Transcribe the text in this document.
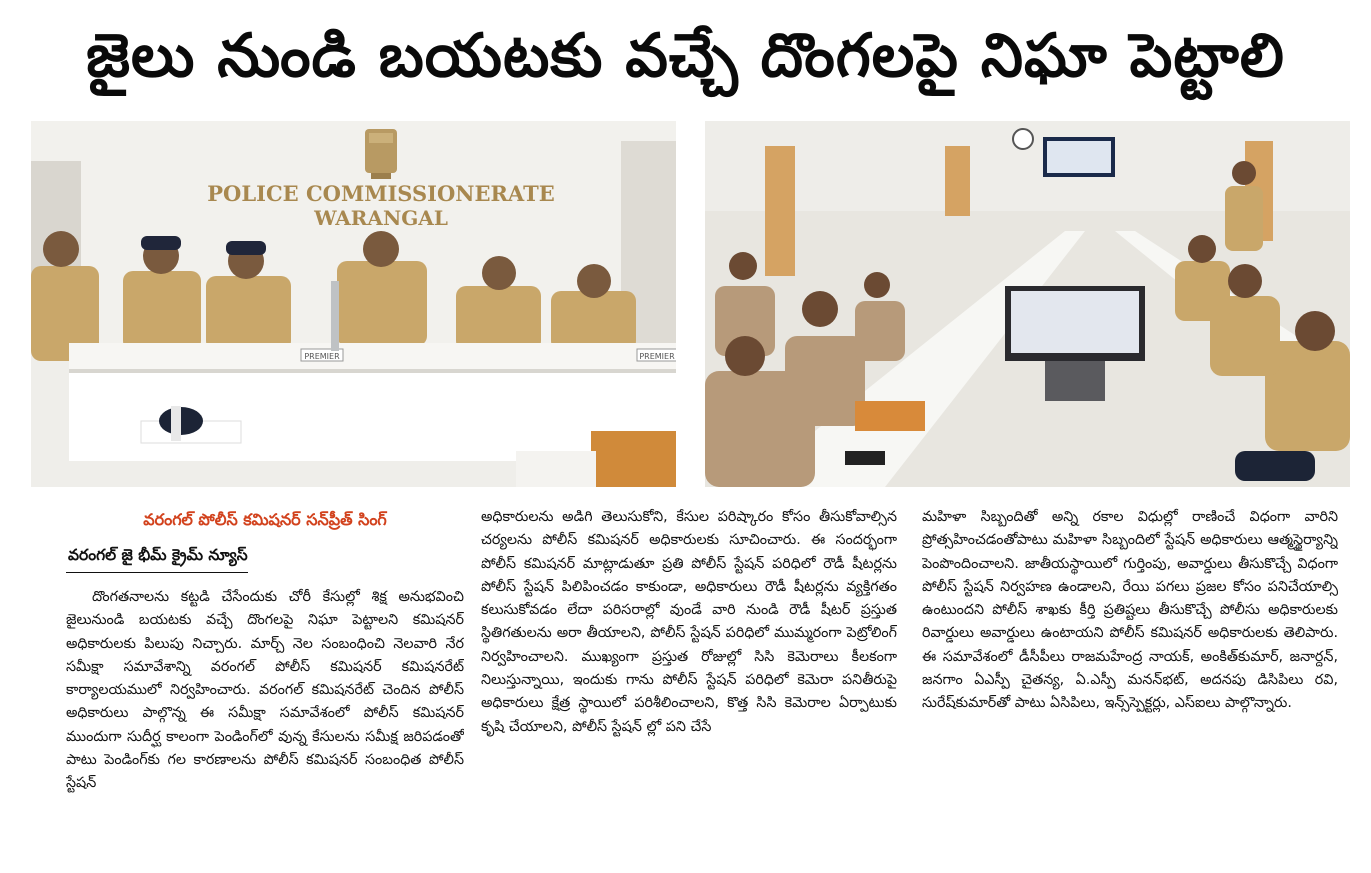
జైలు నుండి బయటకు వచ్చే దొంగలపై నిఘా పెట్టాలి
POLICE COMMISSIONERATE
WARANGAL
PREMIER	PREMIER
వరంగల్ పోలీస్ కమిషనర్ సన్‌ప్రీత్ సింగ్
వరంగల్ జై భీమ్ క్రైమ్ న్యూస్

దొంగతనాలను కట్టడి చేసేందుకు చోరీ కేసుల్లో శిక్ష అనుభవించి జైలునుండి బయటకు వచ్చే దొంగలపై నిఘా పెట్టాలని కమిషనర్ అధికారులకు పిలుపు నిచ్చారు. మార్చ్ నెల సంబంధించి నెలవారి నేర సమీక్షా సమావేశాన్ని వరంగల్ పోలీస్ కమిషనర్ కమిషనరేట్ కార్యాలయములో నిర్వహించారు. వరంగల్ కమిషనరేట్ చెందిన పోలీస్ అధికారులు పాల్గొన్న ఈ సమీక్షా సమావేశంలో పోలీస్ కమిషనర్ ముందుగా సుదీర్ఘ కాలంగా పెండింగ్‌లో వున్న కేసులను సమీక్ష జరిపడంతో పాటు పెండింగ్‌కు గల కారణాలను పోలీస్ కమిషనర్ సంబంధిత పోలీస్ స్టేషన్

అధికారులను అడిగి తెలుసుకోని, కేసుల పరిష్కారం కోసం తీసుకోవాల్సిన చర్యలను పోలీస్ కమిషనర్ అధికారులకు సూచించారు. ఈ సందర్భంగా పోలీస్ కమిషనర్ మాట్లాడుతూ ప్రతి పోలీస్ స్టేషన్ పరిధిలో రౌడీ షీటర్లను పోలీస్ స్టేషన్ పిలిపించడం కాకుండా, అధికారులు రౌడీ షీటర్లను వ్యక్తిగతం కలుసుకోవడం లేదా పరిసరాల్లో వుండే వారి నుండి రౌడీ షీటర్ ప్రస్తుత స్థితిగతులను అరా తీయాలని, పోలీస్ స్టేషన్ పరిధిలో ముమ్మరంగా పెట్రోలింగ్ నిర్వహించాలని. ముఖ్యంగా ప్రస్తుత రోజుల్లో సిసి కెమెరాలు కీలకంగా నిలుస్తున్నాయి, ఇందుకు గాను పోలీస్ స్టేషన్ పరిధిలో కెమెరా పనితీరుపై అధికారులు క్షేత్ర స్థాయిలో పరిశీలించాలని, కొత్త సిసి కెమెరాల ఏర్పాటుకు కృషి చేయాలని, పోలీస్ స్టేషన్ ల్లో పని చేసే

మహిళా సిబ్బందితో అన్ని రకాల విధుల్లో రాణించే విధంగా వారిని ప్రోత్సహించడంతోపాటు మహిళా సిబ్బందిలో స్టేషన్ అధికారులు ఆత్మస్థైర్యాన్ని పెంపొందించాలని. జాతీయస్థాయిలో గుర్తింపు, అవార్డులు తీసుకొచ్చే విధంగా పోలీస్ స్టేషన్ నిర్వహణ ఉండాలని, రేయి పగలు ప్రజల కోసం పనిచేయాల్సి ఉంటుందని పోలీస్ శాఖకు కీర్తి ప్రతిష్టలు తీసుకొచ్చే పోలీసు అధికారులకు రివార్డులు అవార్డులు ఉంటాయని పోలీస్ కమిషనర్ అధికారులకు తెలిపారు. ఈ సమావేశంలో డీసీపీలు రాజమహేంద్ర నాయక్, అంకిత్‌కుమార్, జనార్దన్, జనగాం ఏఎస్పీ చైతన్య, ఏ.ఎస్పీ మనన్‌భట్, అదనపు డిసిపిలు రవి, సురేష్‌కుమార్‌తో పాటు ఏసిపిలు, ఇన్స్‌స్పెక్టర్లు, ఎస్‌ఐలు పాల్గొన్నారు.
